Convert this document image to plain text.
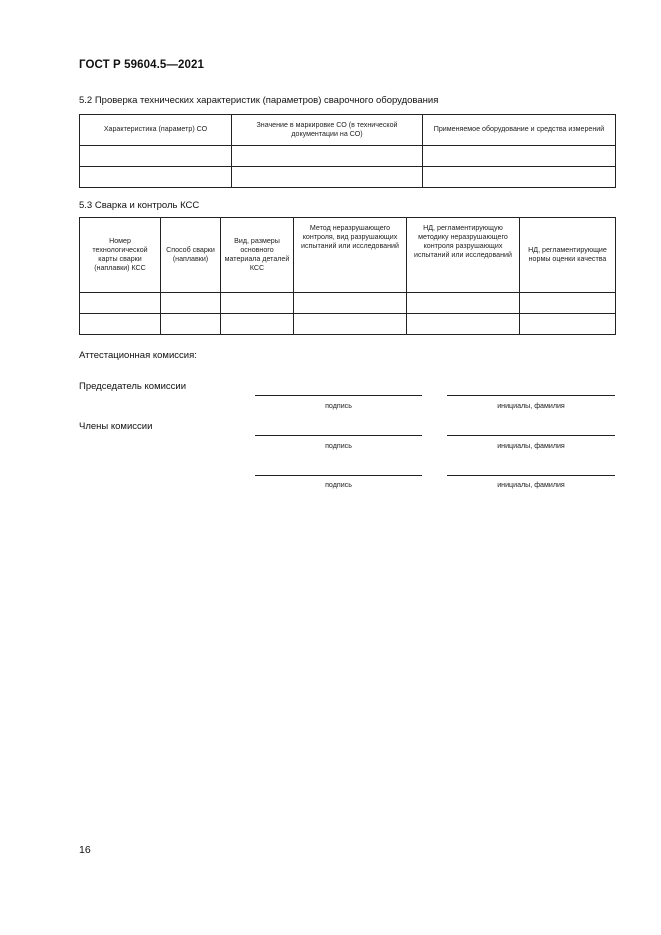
ГОСТ Р 59604.5—2021
5.2 Проверка технических характеристик (параметров) сварочного оборудования
Характеристика (параметр) СО	Значение в маркировке СО (в технической документации на СО)	Применяемое оборудование и средства измерений

5.3 Сварка и контроль КСС
Номер технологической карты сварки (наплавки) КСС	Способ сварки (наплавки)	Вид, размеры основного материала деталей КСС	Метод неразрушающего контроля, вид разрушающих испытаний или исследований	НД, регламентирующую методику неразрушающего контроля разрушающих испытаний или исследований	НД, регламентирующие нормы оценки качества

Аттестационная комиссия:
Председатель комиссии
Члены комиссии
подпись	инициалы, фамилия
подпись	инициалы, фамилия
подпись	инициалы, фамилия
16
